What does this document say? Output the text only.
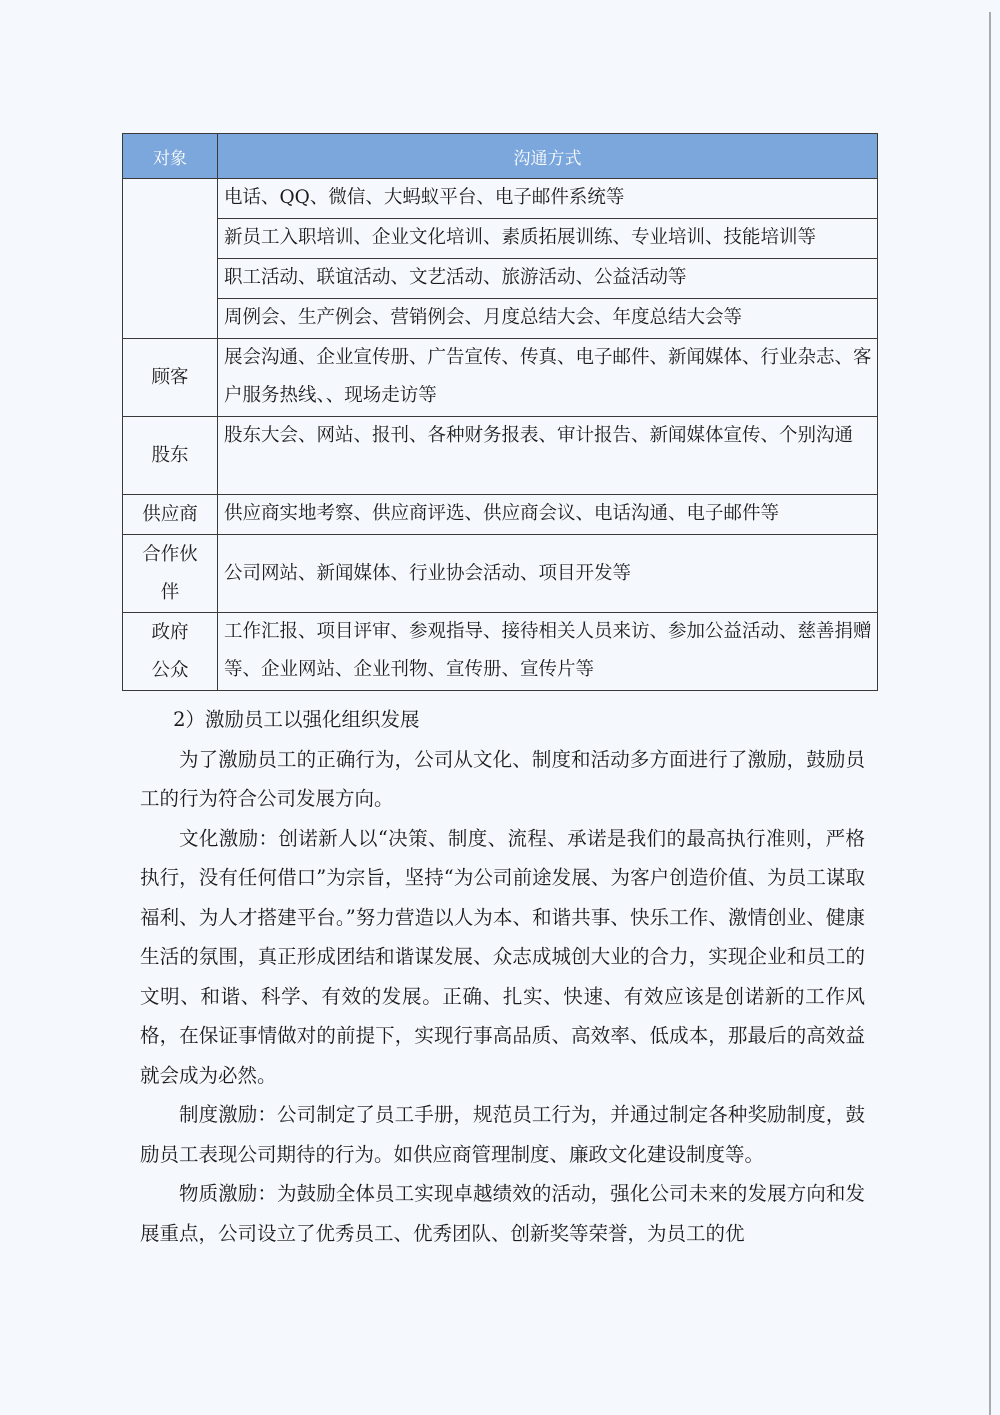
对象	沟通方式
	电话、QQ、微信、大蚂蚁平台、电子邮件系统等
	新员工入职培训、企业文化培训、素质拓展训练、专业培训、技能培训等
	职工活动、联谊活动、文艺活动、旅游活动、公益活动等
	周例会、生产例会、营销例会、月度总结大会、年度总结大会等
顾客	展会沟通、企业宣传册、广告宣传、传真、电子邮件、新闻媒体、行业杂志、客户服务热线、、现场走访等
股东	股东大会、网站、报刊、各种财务报表、审计报告、新闻媒体宣传、个别沟通
供应商	供应商实地考察、供应商评选、供应商会议、电话沟通、电子邮件等
合作伙伴	公司网站、新闻媒体、行业协会活动、项目开发等
政府公众	工作汇报、项目评审、参观指导、接待相关人员来访、参加公益活动、慈善捐赠等、企业网站、企业刊物、宣传册、宣传片等

2）激励员工以强化组织发展

为了激励员工的正确行为，公司从文化、制度和活动多方面进行了激励，鼓励员工的行为符合公司发展方向。

文化激励：创诺新人以“决策、制度、流程、承诺是我们的最高执行准则，严格执行，没有任何借口”为宗旨，坚持“为公司前途发展、为客户创造价值、为员工谋取福利、为人才搭建平台。”努力营造以人为本、和谐共事、快乐工作、激情创业、健康生活的氛围，真正形成团结和谐谋发展、众志成城创大业的合力，实现企业和员工的文明、和谐、科学、有效的发展。正确、扎实、快速、有效应该是创诺新的工作风格，在保证事情做对的前提下，实现行事高品质、高效率、低成本，那最后的高效益就会成为必然。

制度激励：公司制定了员工手册，规范员工行为，并通过制定各种奖励制度，鼓励员工表现公司期待的行为。如供应商管理制度、廉政文化建设制度等。

物质激励：为鼓励全体员工实现卓越绩效的活动，强化公司未来的发展方向和发展重点，公司设立了优秀员工、优秀团队、创新奖等荣誉，为员工的优
